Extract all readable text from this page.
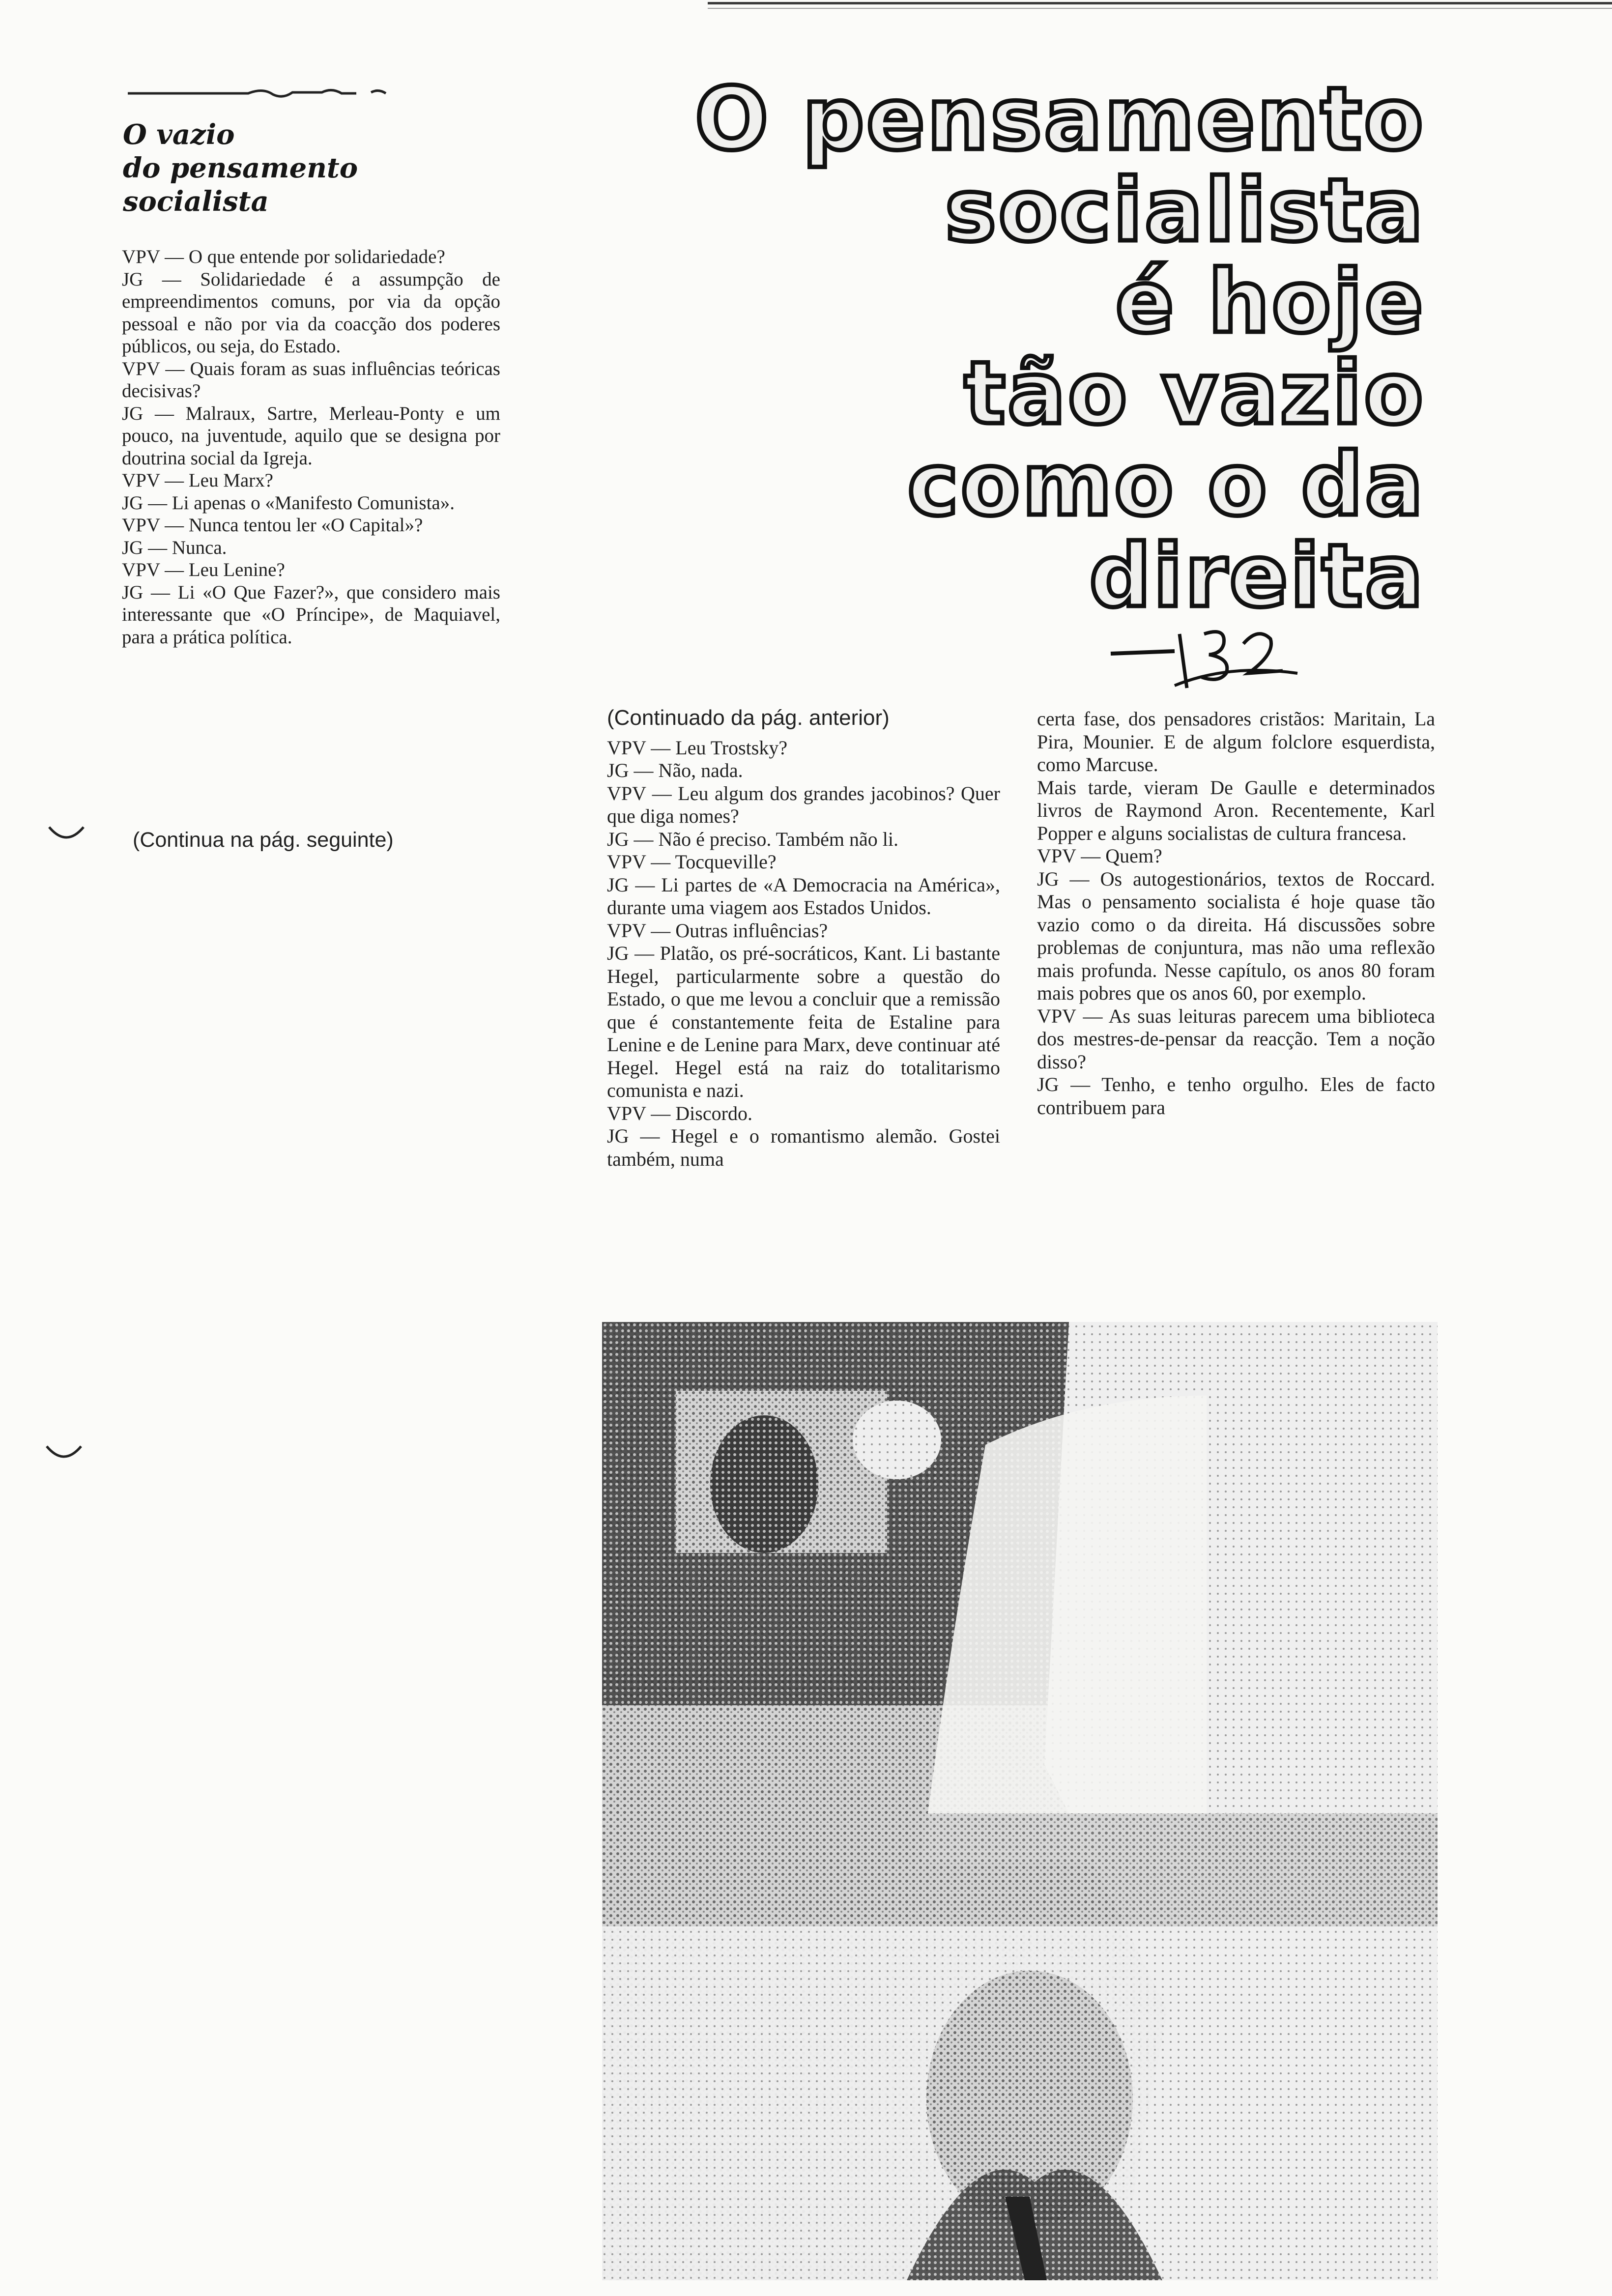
O vazio
do pensamento
socialista

VPV — O que entende por solidariedade?

JG — Solidariedade é a assumpção de empreendimentos comuns, por via da opção pessoal e não por via da coacção dos poderes públicos, ou seja, do Estado.

VPV — Quais foram as suas influências teóricas decisivas?

JG — Malraux, Sartre, Merleau-Ponty e um pouco, na juventude, aquilo que se designa por doutrina social da Igreja.

VPV — Leu Marx?

JG — Li apenas o «Manifesto Comunista».

VPV — Nunca tentou ler «O Capital»?

JG — Nunca.

VPV — Leu Lenine?

JG — Li «O Que Fazer?», que considero mais interessante que «O Príncipe», de Maquiavel, para a prática política.

(Continua na pág. seguinte)
O pensamento
socialista
é hoje
tão vazio
como o da direita

(Continuado da pág. anterior)

VPV — Leu Trostsky?

JG — Não, nada.

VPV — Leu algum dos grandes jacobinos? Quer que diga nomes?

JG — Não é preciso. Também não li.

VPV — Tocqueville?

JG — Li partes de «A Democracia na América», durante uma viagem aos Estados Unidos.

VPV — Outras influências?

JG — Platão, os pré-socráticos, Kant. Li bastante Hegel, particularmente sobre a questão do Estado, o que me levou a concluir que a remissão que é constantemente feita de Estaline para Lenine e de Lenine para Marx, deve continuar até Hegel. Hegel está na raiz do totalitarismo comunista e nazi.

VPV — Discordo.

JG — Hegel e o romantismo alemão. Gostei também, numa

certa fase, dos pensadores cristãos: Maritain, La Pira, Mounier. E de algum folclore esquerdista, como Marcuse.

Mais tarde, vieram De Gaulle e determinados livros de Raymond Aron. Recentemente, Karl Popper e alguns socialistas de cultura francesa.

VPV — Quem?

JG — Os autogestionários, textos de Roccard. Mas o pensamento socialista é hoje quase tão vazio como o da direita. Há discussões sobre problemas de conjuntura, mas não uma reflexão mais profunda. Nesse capítulo, os anos 80 foram mais pobres que os anos 60, por exemplo.

VPV — As suas leituras parecem uma biblioteca dos mestres-de-pensar da reacção. Tem a noção disso?

JG — Tenho, e tenho orgulho. Eles de facto contribuem para
